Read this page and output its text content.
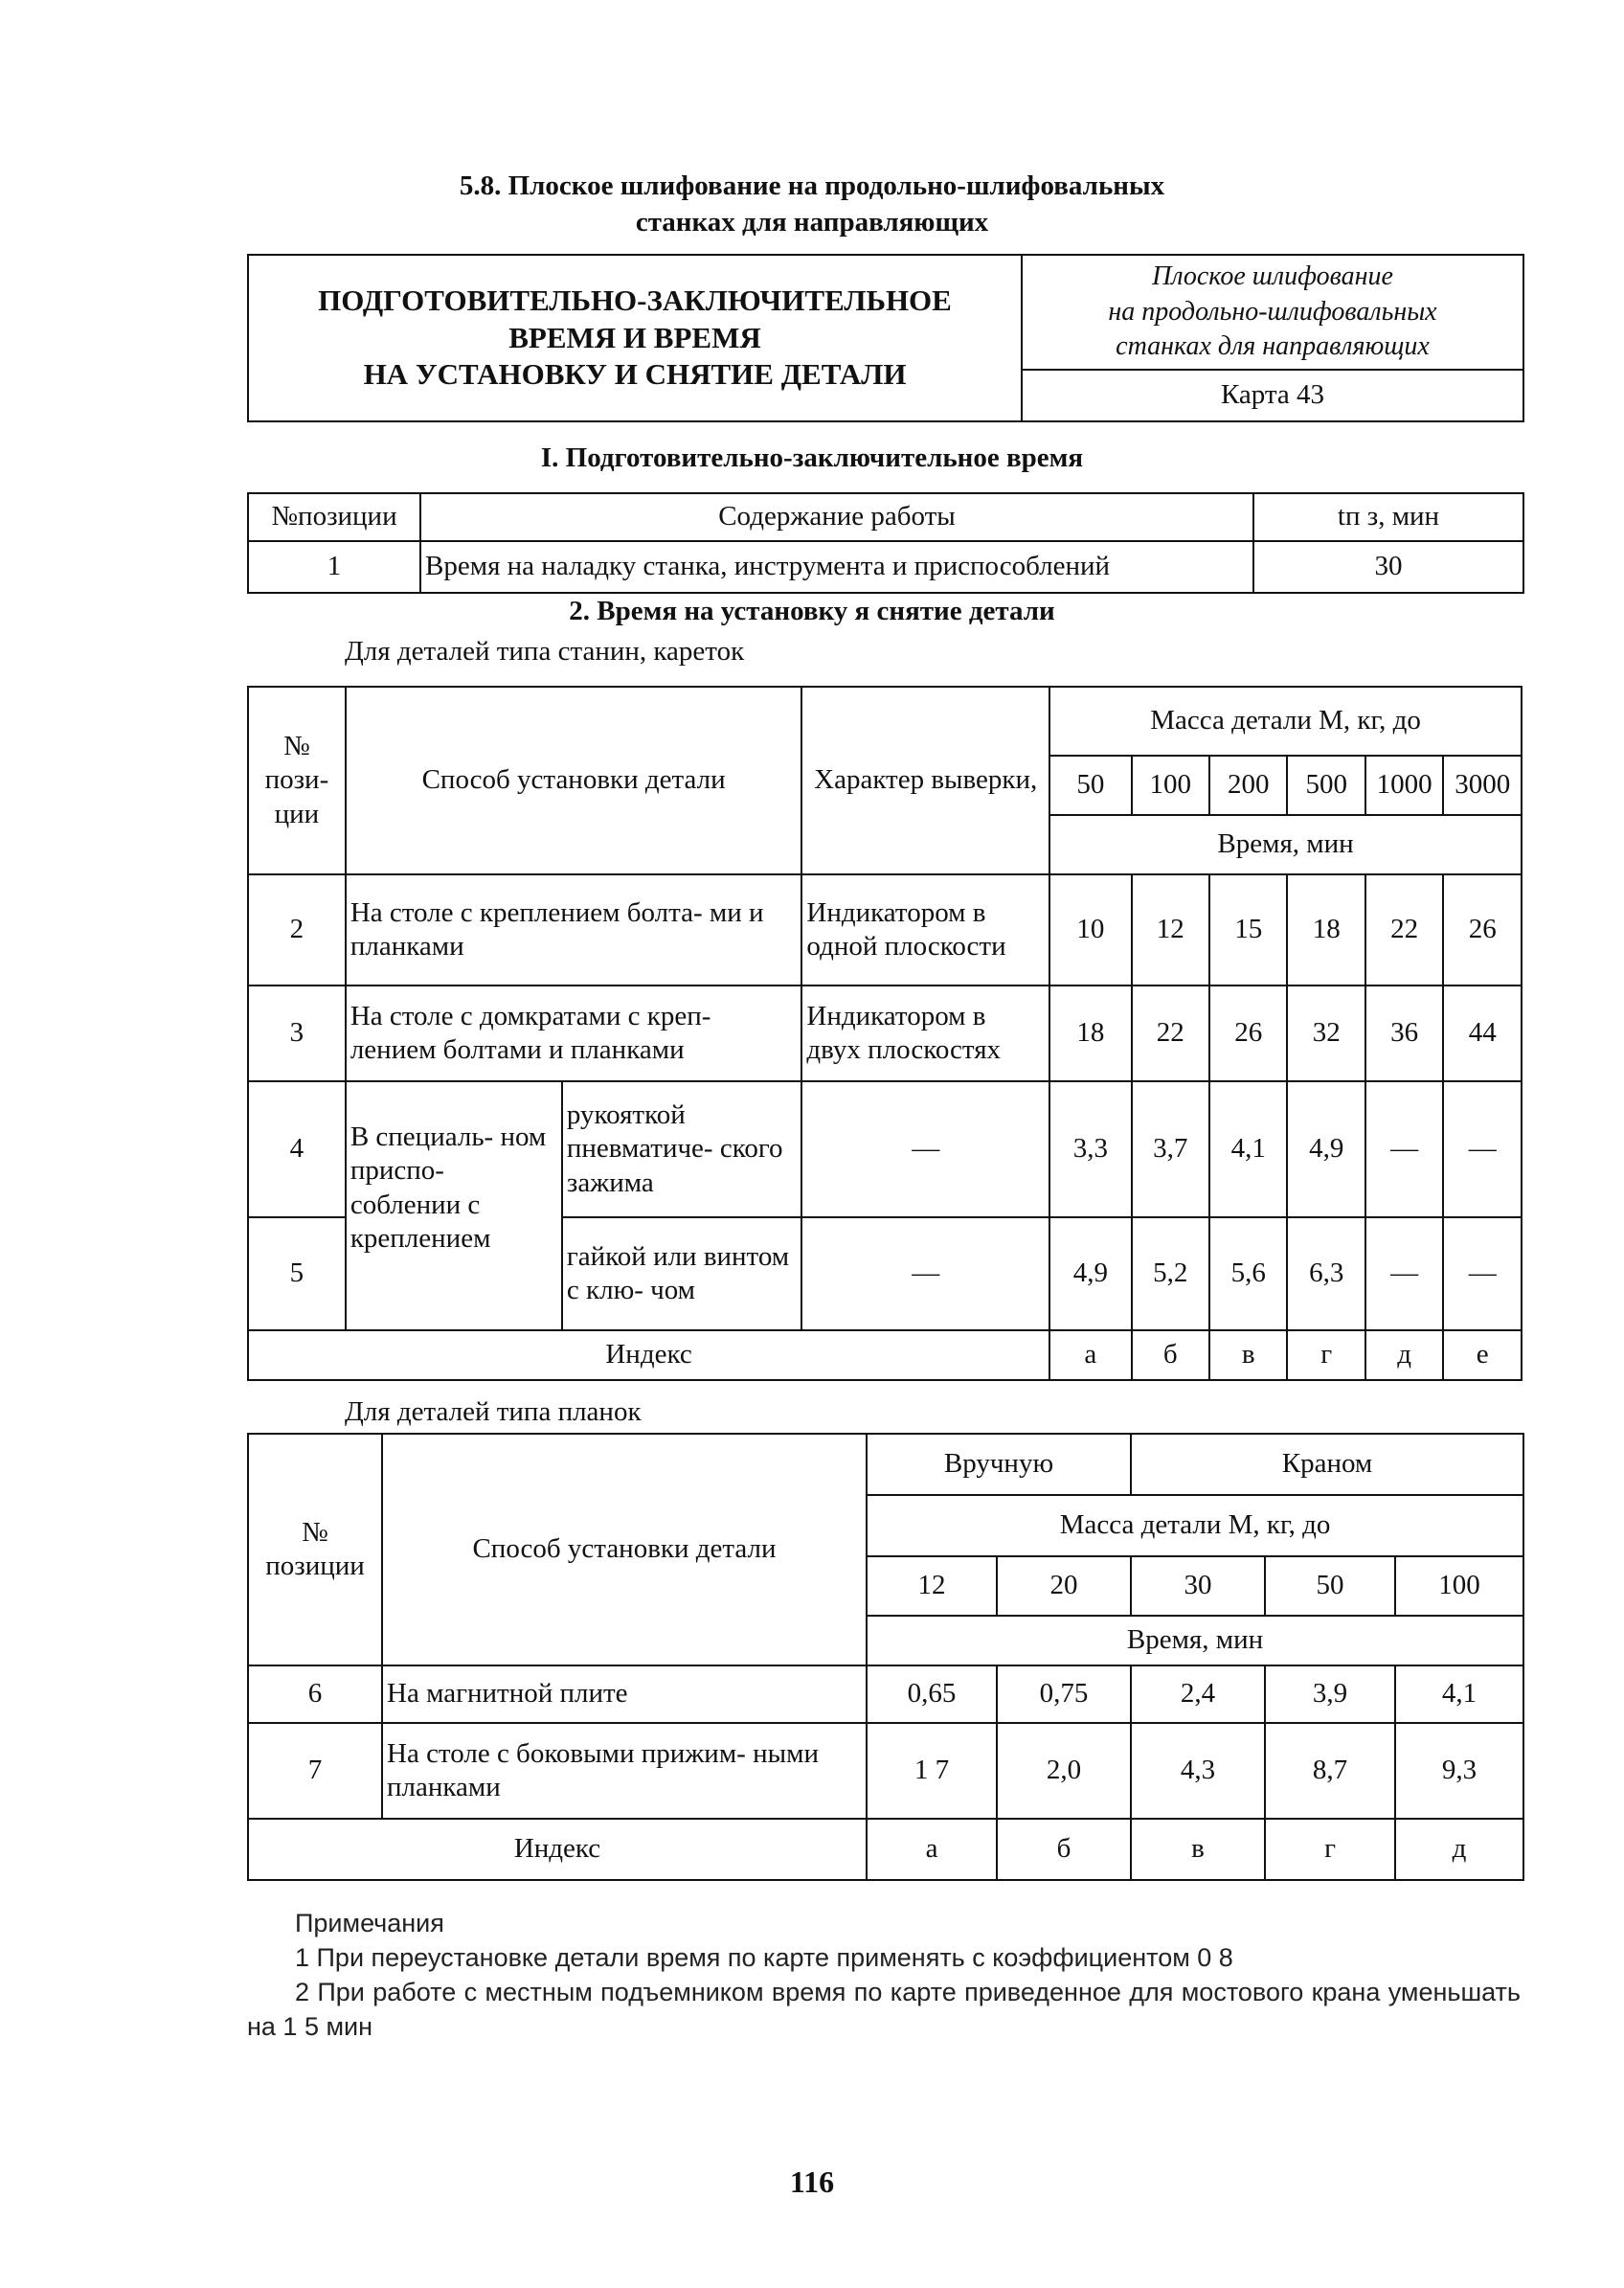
5.8. Плоское шлифование на продольно-шлифовальных
станках для направляющих
ПОДГОТОВИТЕЛЬНО-ЗАКЛЮЧИТЕЛЬНОЕ
ВРЕМЯ И ВРЕМЯ
НА УСТАНОВКУ И СНЯТИЕ ДЕТАЛИ

Плоское шлифование
на продольно-шлифовальных
станках для направляющих

Карта 43
I. Подготовительно-заключительное время
№позиции	Содержание работы	tп з, мин
1	Время на наладку станка, инструмента и приспособлений	30
2. Время на установку я снятие детали
Для деталей типа станин, кареток
№ пози- ции	Способ установки детали		Характер выверки,	Масса детали М, кг, до					
				50	100	200	500	1000	3000
				Время, мин					
2	На столе с креплением болта- ми и планками		Индикатором в одной плоскости	10	12	15	18	22	26
3	На столе с домкратами с креп- лением болтами и планками		Индикатором в двух плоскостях	18	22	26	32	36	44
4	В специаль- ном приспо- соблении с креплением	рукояткой пневматиче- ского зажима	—	3,3	3,7	4,1	4,9	—	—
5		гайкой или винтом с клю- чом	—	4,9	5,2	5,6	6,3	—	—
Индекс				а	б	в	г	д	е
Для деталей типа планок
№ позиции	Способ установки детали	Вручную		Краном		
		Масса детали М, кг, до				
		12	20	30	50	100
		Время, мин				
6	На магнитной плите	0,65	0,75	2,4	3,9	4,1
7	На столе с боковыми прижим- ными планками	1 7	2,0	4,3	8,7	9,3
Индекс		а	б	в	г	д

Примечания

1 При переустановке детали время по карте применять с коэффициентом 0 8

2 При работе с местным подъемником время по карте приведенное для мостового крана уменьшать на 1 5 мин

116
